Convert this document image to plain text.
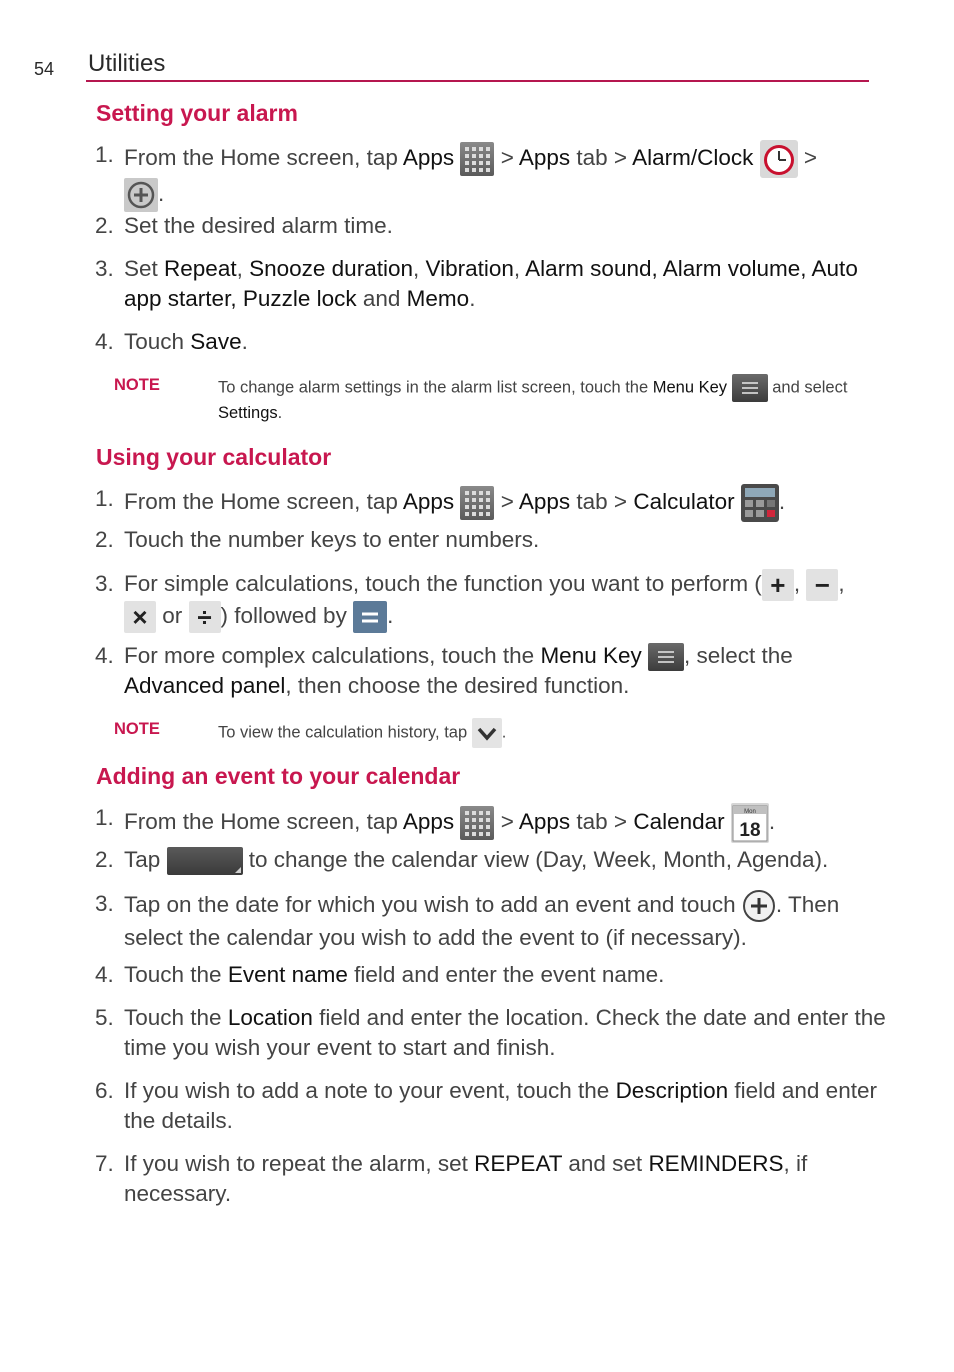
54 Utilities
Setting your alarm
1. From the Home screen, tap Apps
> Apps tab > Alarm/Clock  >
.
2. Set the desired alarm time.
3. Set Repeat, Snooze duration, Vibration, Alarm sound, Alarm volume, Auto app starter, Puzzle lock and Memo.
4. Touch Save.
NOTE	To change alarm settings in the alarm list screen, touch the Menu Key	and select Settings.
Using your calculator
1. From the Home screen, tap Apps
> Apps tab > Calculator .
2. Touch the number keys to enter numbers.
3. For simple calculations, touch the function you want to perform ( + , − ,
× or ÷ ) followed by .
4. For more complex calculations, touch the Menu Key , select the
Advanced panel, then choose the desired function.
NOTE	To view the calculation history, tap .
Adding an event to your calendar
1. From the Home screen, tap Apps
> Apps tab > Calendar	Mon
18 .
2. Tap	to change the calendar view (Day, Week, Month, Agenda).
3. Tap on the date for which you wish to add an event and touch . Then select the calendar you wish to add the event to (if necessary).
4. Touch the Event name field and enter the event name.
5. Touch the Location field and enter the location. Check the date and enter the time you wish your event to start and finish.
6. If you wish to add a note to your event, touch the Description field and enter the details.
7. If you wish to repeat the alarm, set REPEAT and set REMINDERS, if necessary.
